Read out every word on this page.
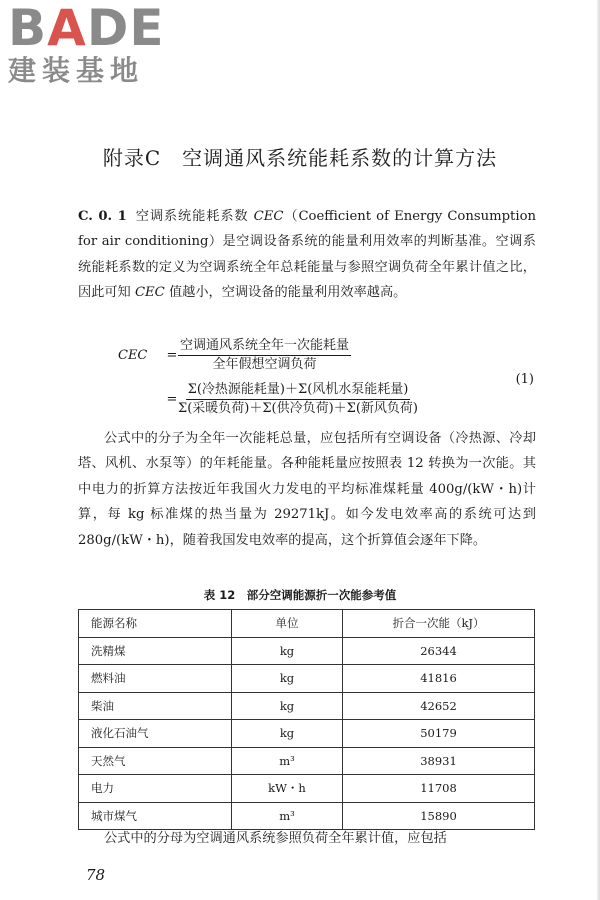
BADE
建装基地
附录C　空调通风系统能耗系数的计算方法
C. 0. 1 空调系统能耗系数 CEC（Coefficient of Energy Consumption for air conditioning）是空调设备系统的能量利用效率的判断基准。空调系统能耗系数的定义为空调系统全年总耗能量与参照空调负荷全年累计值之比，因此可知 CEC 值越小，空调设备的能量利用效率越高。
CEC	= $\frac{\text{空调通风系统全年一次能耗量}}{\text{全年假想空调负荷}}$
= $\frac{\text{Σ(冷热源能耗量)＋Σ(风机水泵能耗量)}}{\text{Σ(采暖负荷)＋Σ(供冷负荷)＋Σ(新风负荷)}}$
(1)
公式中的分子为全年一次能耗总量，应包括所有空调设备（冷热源、冷却塔、风机、水泵等）的年耗能量。各种能耗量应按照表 12 转换为一次能。其中电力的折算方法按近年我国火力发电的平均标准煤耗量 400g/(kW・h)计算，每 kg 标准煤的热当量为 29271kJ。如今发电效率高的系统可达到 280g/(kW・h)，随着我国发电效率的提高，这个折算值会逐年下降。
表 12　部分空调能源折一次能参考值
能源名称	单位	折合一次能（kJ）
洗精煤	kg	26344
燃料油	kg	41816
柴油	kg	42652
液化石油气	kg	50179
天然气	m³	38931
电力	kW・h	11708
城市煤气	m³	15890
公式中的分母为空调通风系统参照负荷全年累计值，应包括
78
